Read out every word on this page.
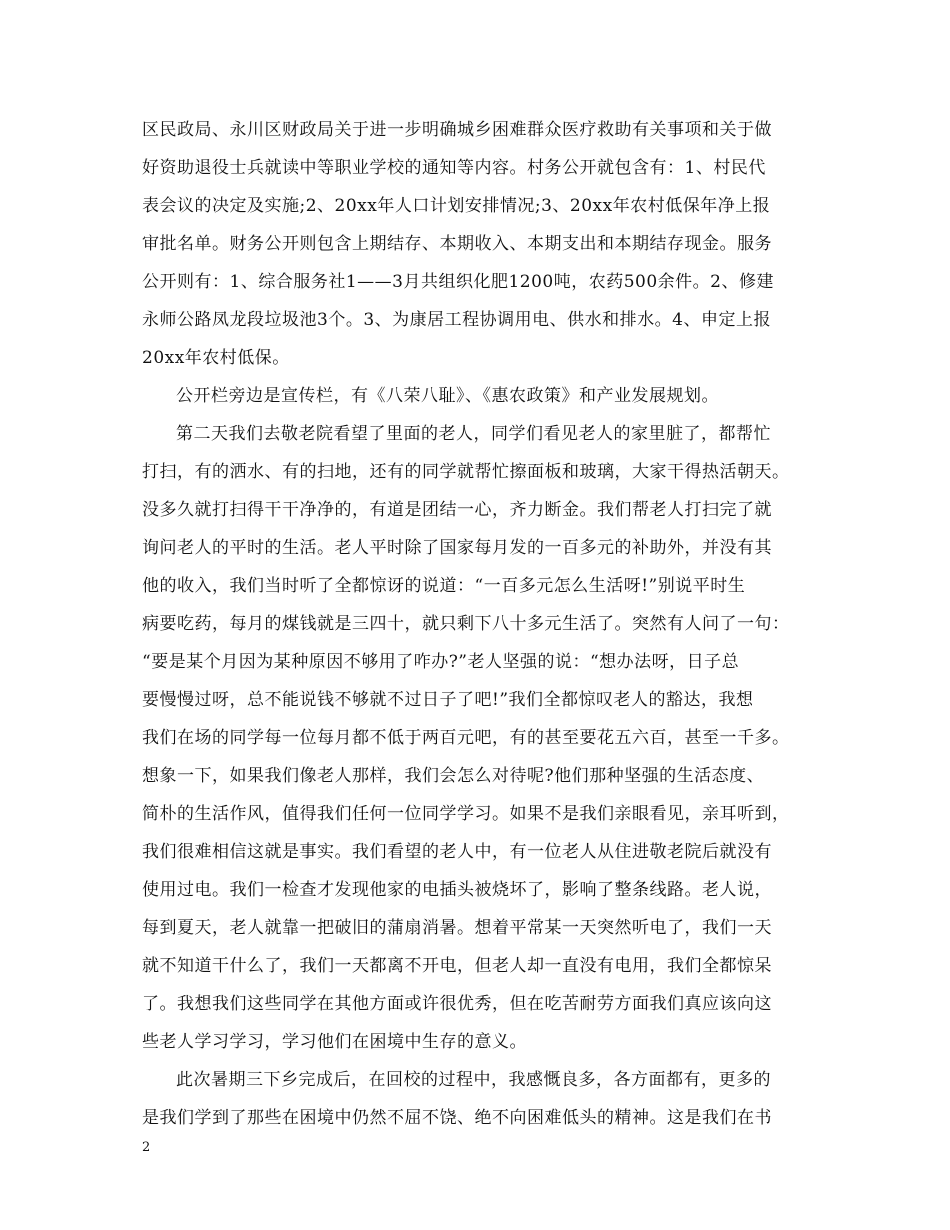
区民政局、永川区财政局关于进一步明确城乡困难群众医疗救助有关事项和关于做
好资助退役士兵就读中等职业学校的通知等内容。村务公开就包含有：1、村民代
表会议的决定及实施;2、20xx年人口计划安排情况;3、20xx年农村低保年净上报
审批名单。财务公开则包含上期结存、本期收入、本期支出和本期结存现金。服务
公开则有：1、综合服务社1——3月共组织化肥1200吨，农药500余件。2、修建
永师公路凤龙段垃圾池3个。3、为康居工程协调用电、供水和排水。4、申定上报
20xx年农村低保。
公开栏旁边是宣传栏，有《八荣八耻》、《惠农政策》和产业发展规划。
第二天我们去敬老院看望了里面的老人，同学们看见老人的家里脏了，都帮忙
打扫，有的洒水、有的扫地，还有的同学就帮忙擦面板和玻璃，大家干得热活朝天。
没多久就打扫得干干净净的，有道是团结一心，齐力断金。我们帮老人打扫完了就
询问老人的平时的生活。老人平时除了国家每月发的一百多元的补助外，并没有其
他的收入，我们当时听了全都惊讶的说道：“一百多元怎么生活呀!”别说平时生
病要吃药，每月的煤钱就是三四十，就只剩下八十多元生活了。突然有人问了一句：
“要是某个月因为某种原因不够用了咋办?”老人坚强的说：“想办法呀，日子总
要慢慢过呀，总不能说钱不够就不过日子了吧!”我们全都惊叹老人的豁达，我想
我们在场的同学每一位每月都不低于两百元吧，有的甚至要花五六百，甚至一千多。
想象一下，如果我们像老人那样，我们会怎么对待呢?他们那种坚强的生活态度、
简朴的生活作风，值得我们任何一位同学学习。如果不是我们亲眼看见，亲耳听到，
我们很难相信这就是事实。我们看望的老人中，有一位老人从住进敬老院后就没有
使用过电。我们一检查才发现他家的电插头被烧坏了，影响了整条线路。老人说，
每到夏天，老人就靠一把破旧的蒲扇消暑。想着平常某一天突然听电了，我们一天
就不知道干什么了，我们一天都离不开电，但老人却一直没有电用，我们全都惊呆
了。我想我们这些同学在其他方面或许很优秀，但在吃苦耐劳方面我们真应该向这
些老人学习学习，学习他们在困境中生存的意义。
此次暑期三下乡完成后，在回校的过程中，我感慨良多，各方面都有，更多的
是我们学到了那些在困境中仍然不屈不饶、绝不向困难低头的精神。这是我们在书
2
